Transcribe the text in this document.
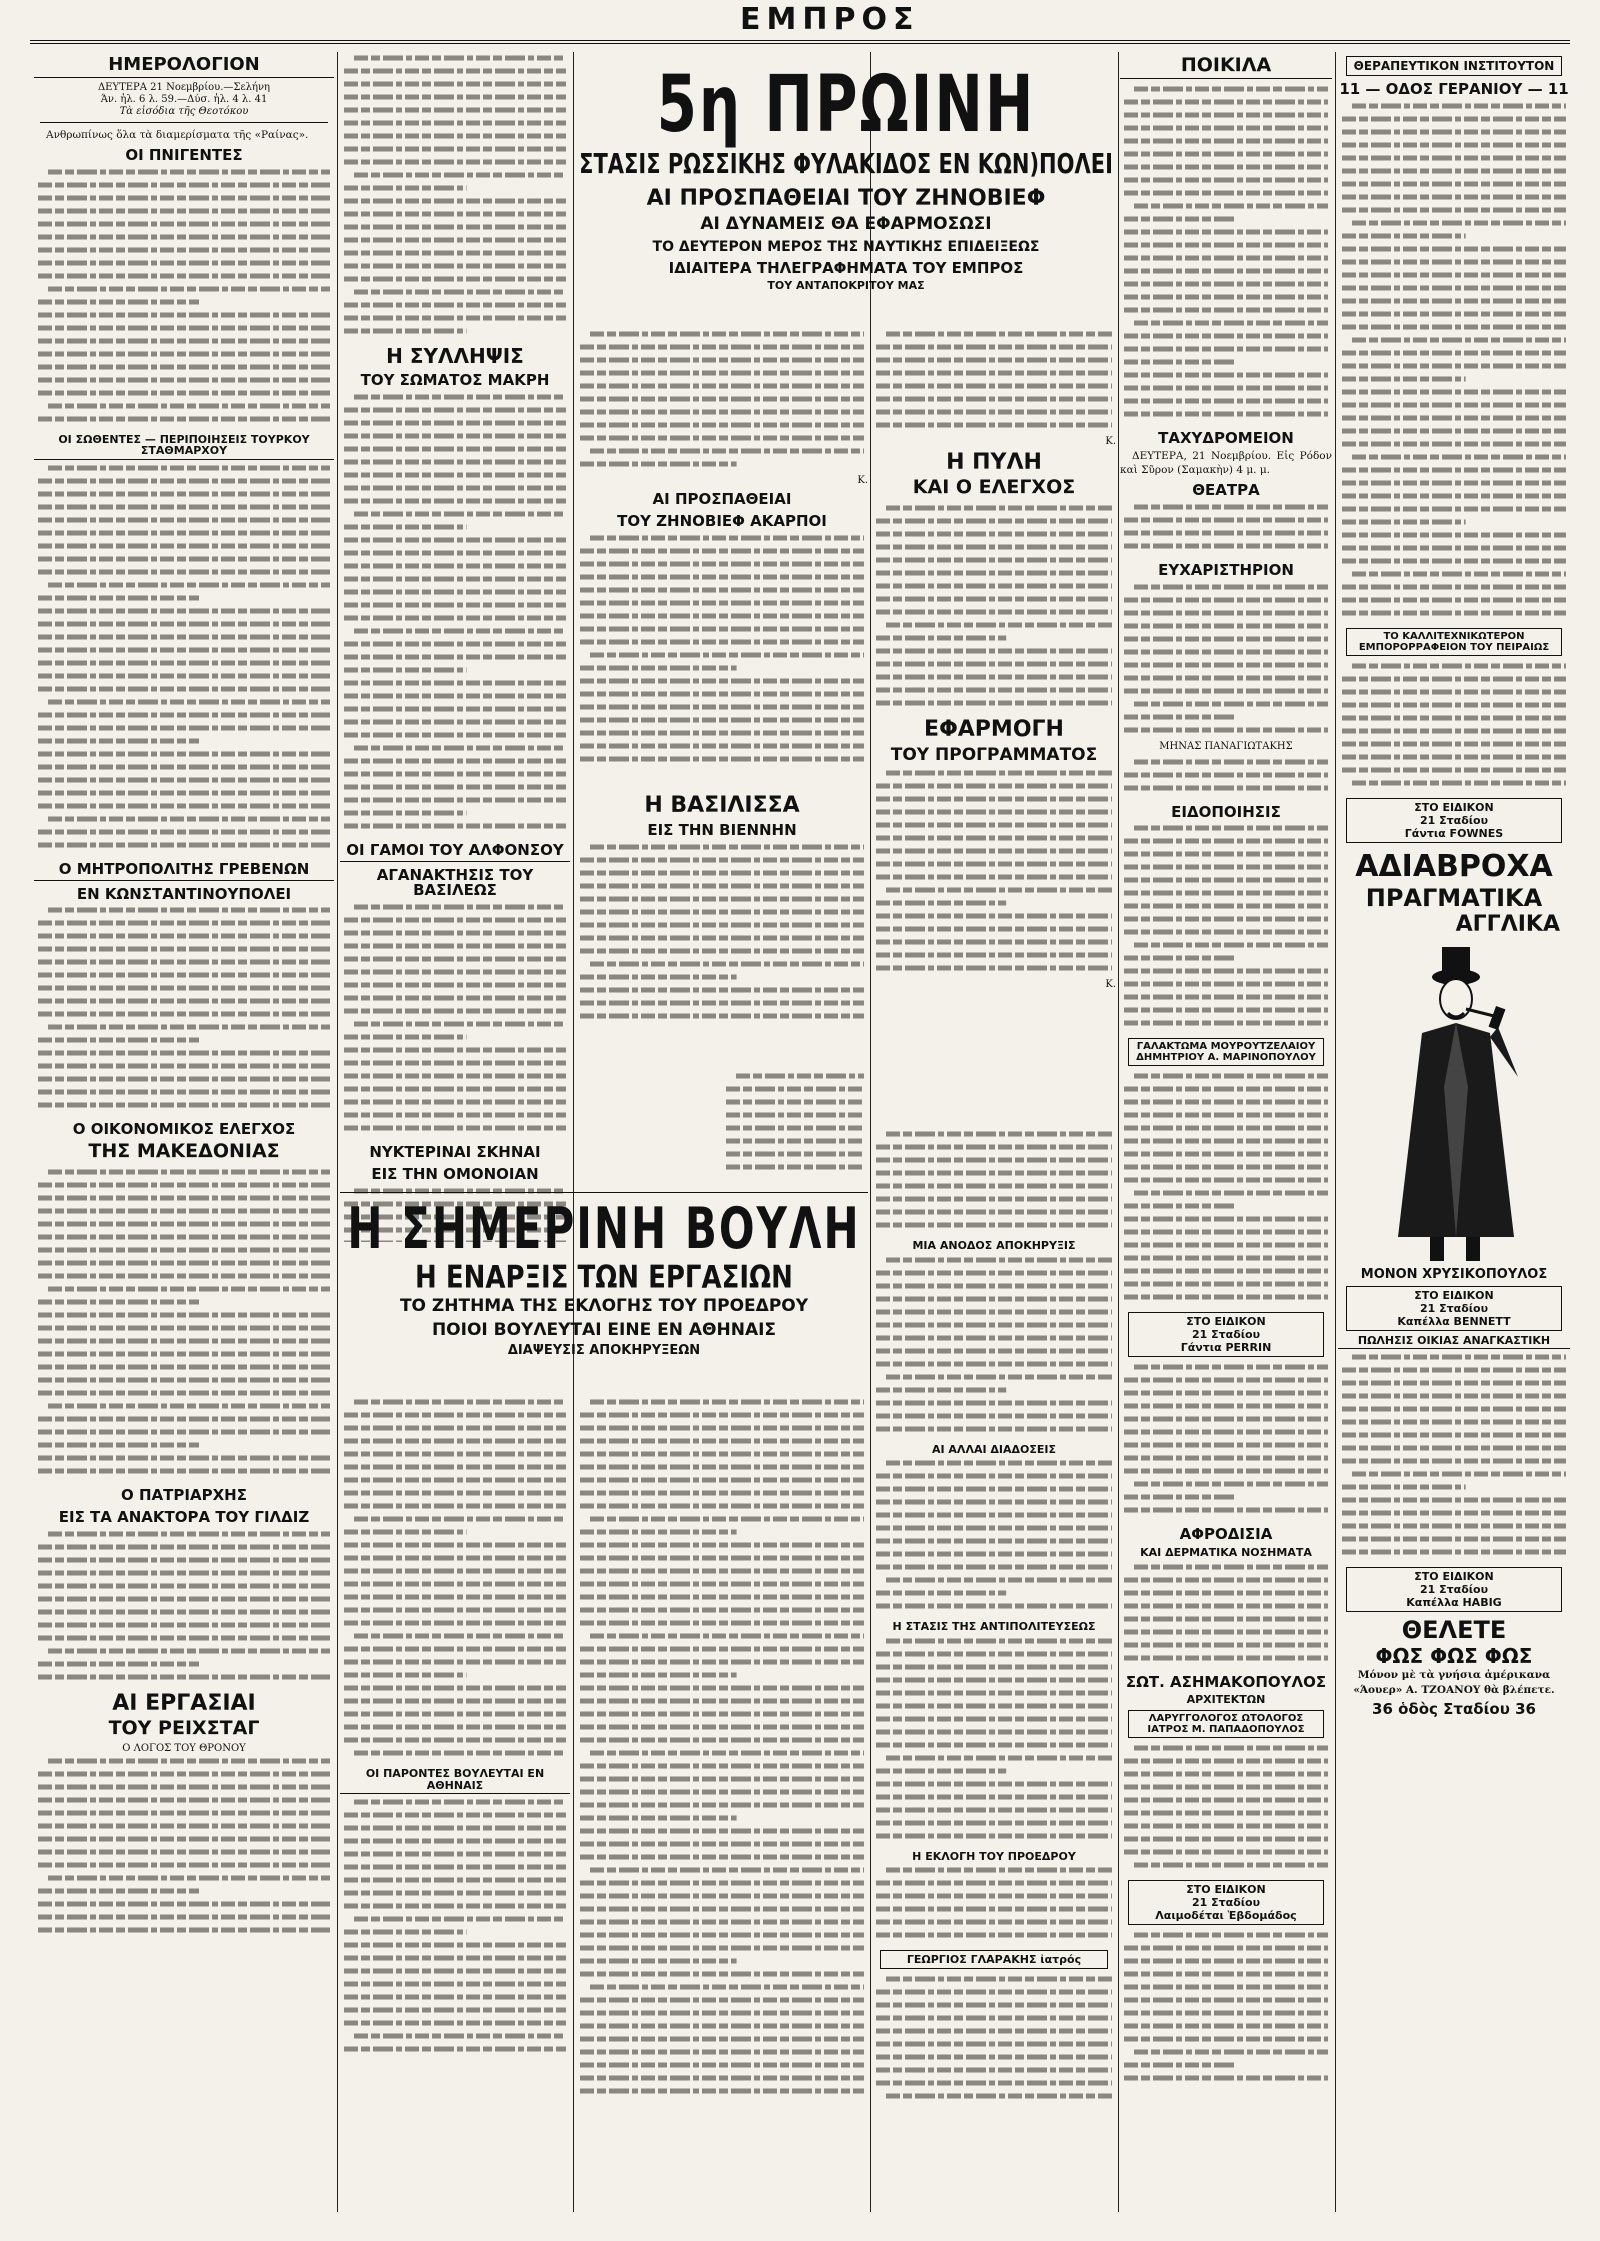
ΕΜΠΡΟΣ
ΗΜΕΡΟΛΟΓΙΟΝ
ΔΕΥΤΕΡΑ 21 Νοεμβρίου.—Σελήνη
Άν. ἡλ. 6 λ. 59.—Δύσ. ἡλ. 4 λ. 41
Τὰ εἰσόδια τῆς Θεοτόκου

Ανθρωπίνως ὅλα τὰ διαμερίσματα τῆς «Ραίνας».

ΟΙ ΠΝΙΓΕΝΤΕΣ
ΟΙ ΣΩΘΕΝΤΕΣ — ΠΕΡΙΠΟΙΗΣΕΙΣ ΤΟΥΡΚΟΥ ΣΤΑΘΜΑΡΧΟΥ
Ο ΜΗΤΡΟΠΟΛΙΤΗΣ ΓΡΕΒΕΝΩΝ
ΕΝ ΚΩΝΣΤΑΝΤΙΝΟΥΠΟΛΕΙ
Ο ΟΙΚΟΝΟΜΙΚΟΣ ΕΛΕΓΧΟΣ
ΤΗΣ ΜΑΚΕΔΟΝΙΑΣ
Ο ΠΑΤΡΙΑΡΧΗΣ
ΕΙΣ ΤΑ ΑΝΑΚΤΟΡΑ ΤΟΥ ΓΙΛΔΙΖ
ΑΙ ΕΡΓΑΣΙΑΙ
ΤΟΥ ΡΕΙΧΣΤΑΓ
Ο ΛΟΓΟΣ ΤΟΥ ΘΡΟΝΟΥ
Η ΣΥΛΛΗΨΙΣ
ΤΟΥ ΣΩΜΑΤΟΣ ΜΑΚΡΗ
ΟΙ ΓΑΜΟΙ ΤΟΥ ΑΛΦΟΝΣΟΥ
ΑΓΑΝΑΚΤΗΣΙΣ ΤΟΥ ΒΑΣΙΛΕΩΣ
ΝΥΚΤΕΡΙΝΑΙ ΣΚΗΝΑΙ
ΕΙΣ ΤΗΝ ΟΜΟΝΟΙΑΝ
5η ΠΡΩΙΝΗ
ΣΤΑΣΙΣ ΡΩΣΣΙΚΗΣ ΦΥΛΑΚΙΔΟΣ ΕΝ ΚΩΝ)ΠΟΛΕΙ
ΑΙ ΠΡΟΣΠΑΘΕΙΑΙ ΤΟΥ ΖΗΝΟΒΙΕΦ
ΑΙ ΔΥΝΑΜΕΙΣ ΘΑ ΕΦΑΡΜΟΣΩΣΙ
ΤΟ ΔΕΥΤΕΡΟΝ ΜΕΡΟΣ ΤΗΣ ΝΑΥΤΙΚΗΣ ΕΠΙΔΕΙΞΕΩΣ
ΙΔΙΑΙΤΕΡΑ ΤΗΛΕΓΡΑΦΗΜΑΤΑ ΤΟΥ ΕΜΠΡΟΣ
ΤΟΥ ΑΝΤΑΠΟΚΡΙΤΟΥ ΜΑΣ

Κ.

ΑΙ ΠΡΟΣΠΑΘΕΙΑΙ
ΤΟΥ ΖΗΝΟΒΙΕΦ ΑΚΑΡΠΟΙ
Η ΒΑΣΙΛΙΣΣΑ
ΕΙΣ ΤΗΝ ΒΙΕΝΝΗΝ
Η ΣΗΜΕΡΙΝΗ ΒΟΥΛΗ
Η ΕΝΑΡΞΙΣ ΤΩΝ ΕΡΓΑΣΙΩΝ
ΤΟ ΖΗΤΗΜΑ ΤΗΣ ΕΚΛΟΓΗΣ ΤΟΥ ΠΡΟΕΔΡΟΥ
ΠΟΙΟΙ ΒΟΥΛΕΥΤΑΙ ΕΙΝΕ ΕΝ ΑΘΗΝΑΙΣ
ΔΙΑΨΕΥΣΙΣ ΑΠΟΚΗΡΥΞΕΩΝ
ΟΙ ΠΑΡΟΝΤΕΣ ΒΟΥΛΕΥΤΑΙ ΕΝ ΑΘΗΝΑΙΣ

Κ.

Η ΠΥΛΗ
ΚΑΙ Ο ΕΛΕΓΧΟΣ
ΕΦΑΡΜΟΓΗ
ΤΟΥ ΠΡΟΓΡΑΜΜΑΤΟΣ

Κ.

ΜΙΑ ΑΝΟΔΟΣ ΑΠΟΚΗΡΥΞΙΣ
ΑΙ ΑΛΛΑΙ ΔΙΑΔΟΣΕΙΣ
Η ΣΤΑΣΙΣ ΤΗΣ ΑΝΤΙΠΟΛΙΤΕΥΣΕΩΣ
Η ΕΚΛΟΓΗ ΤΟΥ ΠΡΟΕΔΡΟΥ
ΓΕΩΡΓΙΟΣ ΓΛΑΡΑΚΗΣ ἰατρός
ΠΟΙΚΙΛΑ
ΤΑΧΥΔΡΟΜΕΙΟΝ

ΔΕΥΤΕΡΑ, 21 Νοεμβρίου. Εἰς Ρόδον καὶ Σῦρον (Σαμακὴν) 4 μ. μ.

ΘΕΑΤΡΑ
ΕΥΧΑΡΙΣΤΗΡΙΟΝ

ΜΗΝΑΣ ΠΑΝΑΓΙΩΤΑΚΗΣ

ΕΙΔΟΠΟΙΗΣΙΣ
ΓΑΛΑΚΤΩΜΑ ΜΟΥΡΟΥΤΖΕΛΑΙΟΥ
ΔΗΜΗΤΡΙΟΥ Α. ΜΑΡΙΝΟΠΟΥΛΟΥ
ΣΤΟ ΕΙΔΙΚΟΝ
21 Σταδίου
Γάντια PERRIN
ΑΦΡΟΔΙΣΙΑ
ΚΑΙ ΔΕΡΜΑΤΙΚΑ ΝΟΣΗΜΑΤΑ
ΣΩΤ. ΑΣΗΜΑΚΟΠΟΥΛΟΣ
ΑΡΧΙΤΕΚΤΩΝ
ΛΑΡΥΓΓΟΛΟΓΟΣ ΩΤΟΛΟΓΟΣ
ΙΑΤΡΟΣ Μ. ΠΑΠΑΔΟΠΟΥΛΟΣ
ΣΤΟ ΕΙΔΙΚΟΝ
21 Σταδίου
Λαιμοδέται Ἑβδομάδος
ΘΕΡΑΠΕΥΤΙΚΟΝ ΙΝΣΤΙΤΟΥΤΟΝ
11 — ΟΔΟΣ ΓΕΡΑΝΙΟΥ — 11
ΤΟ ΚΑΛΛΙΤΕΧΝΙΚΩΤΕΡΟΝ
ΕΜΠΟΡΟΡΡΑΦΕΙΟΝ ΤΟΥ ΠΕΙΡΑΙΩΣ
ΣΤΟ ΕΙΔΙΚΟΝ
21 Σταδίου
Γάντια FOWNES
ΑΔΙΑΒΡΟΧΑ
ΠΡΑΓΜΑΤΙΚΑ
ΑΓΓΛΙΚΑ
ΜΟΝΟΝ ΧΡΥΣΙΚΟΠΟΥΛΟΣ
ΣΤΟ ΕΙΔΙΚΟΝ
21 Σταδίου
Καπέλλα BENNETT
ΠΩΛΗΣΙΣ ΟΙΚΙΑΣ ΑΝΑΓΚΑΣΤΙΚΗ
ΣΤΟ ΕΙΔΙΚΟΝ
21 Σταδίου
Καπέλλα HABIG
ΘΕΛΕΤΕ
ΦΩΣ ΦΩΣ ΦΩΣ

Μόνον μὲ τὰ γνήσια ἀμέρικανα «Άουερ» Α. ΤΖΟΑΝΟΥ θὰ βλέπετε.

36 ὁδὸς Σταδίου 36
